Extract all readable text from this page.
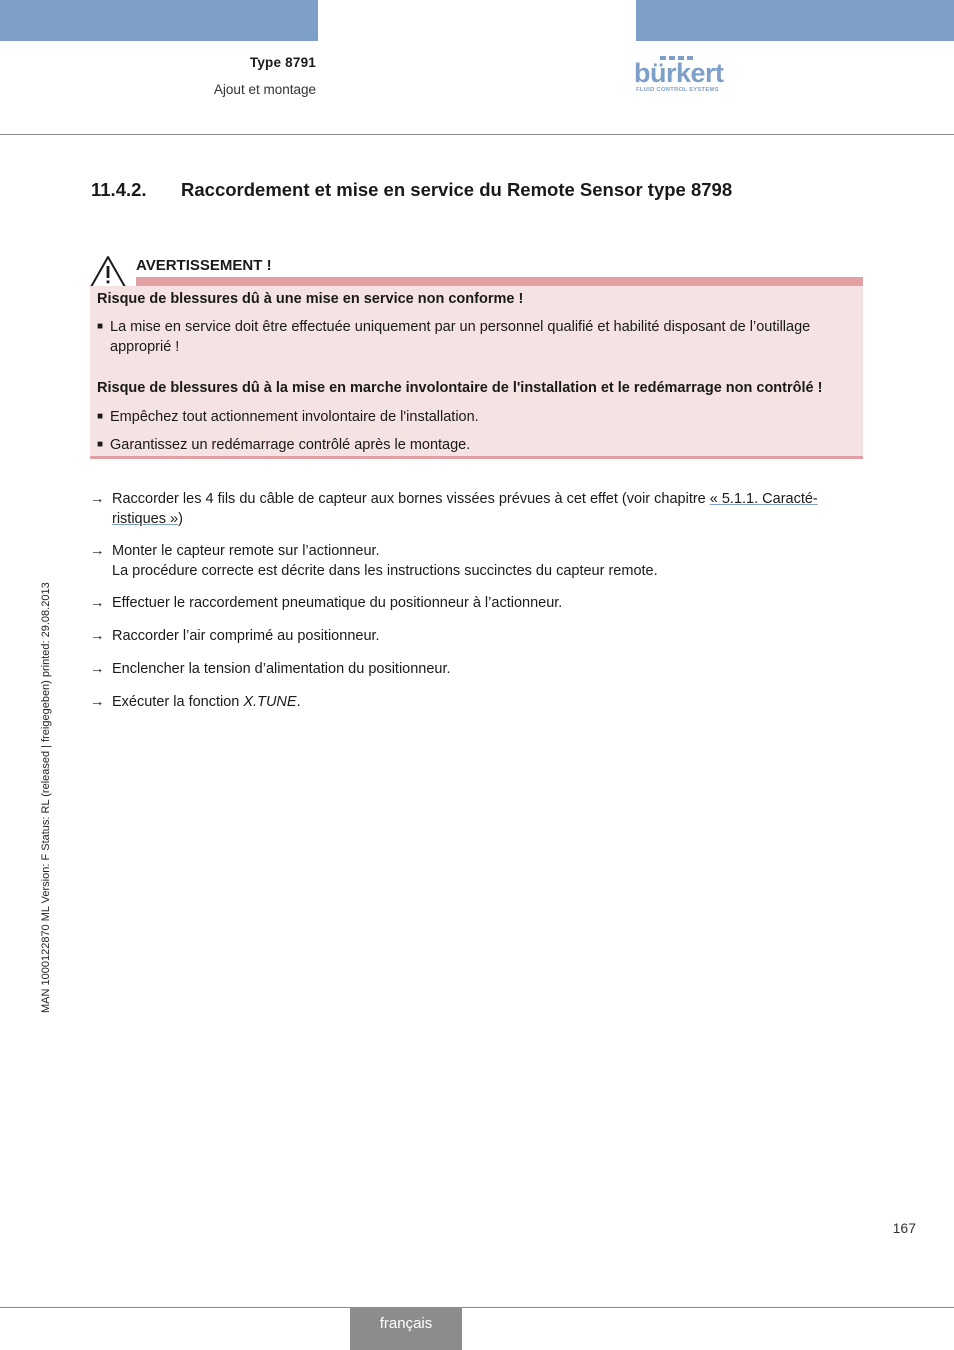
Type 8791
Ajout et montage
bürkert
FLUID CONTROL SYSTEMS
11.4.2. Raccordement et mise en service du Remote Sensor type 8798
AVERTISSEMENT !
Risque de blessures dû à une mise en service non conforme !
■ La mise en service doit être effectuée uniquement par un personnel qualifié et habilité disposant de l’outillage approprié !
Risque de blessures dû à la mise en marche involontaire de l'installation et le redémarrage non contrôlé !
■ Empêchez tout actionnement involontaire de l'installation.
■ Garantissez un redémarrage contrôlé après le montage.
→ Raccorder les 4 fils du câble de capteur aux bornes vissées prévues à cet effet (voir chapitre « 5.1.1. Caracté-ristiques »)
→ Monter le capteur remote sur l’actionneur.
La procédure correcte est décrite dans les instructions succinctes du capteur remote.
→ Effectuer le raccordement pneumatique du positionneur à l’actionneur.
→ Raccorder l’air comprimé au positionneur.
→ Enclencher la tension d’alimentation du positionneur.
→ Exécuter la fonction X.TUNE.
MAN 1000122870 ML Version: F Status: RL (released | freigegeben) printed: 29.08.2013
167
français
